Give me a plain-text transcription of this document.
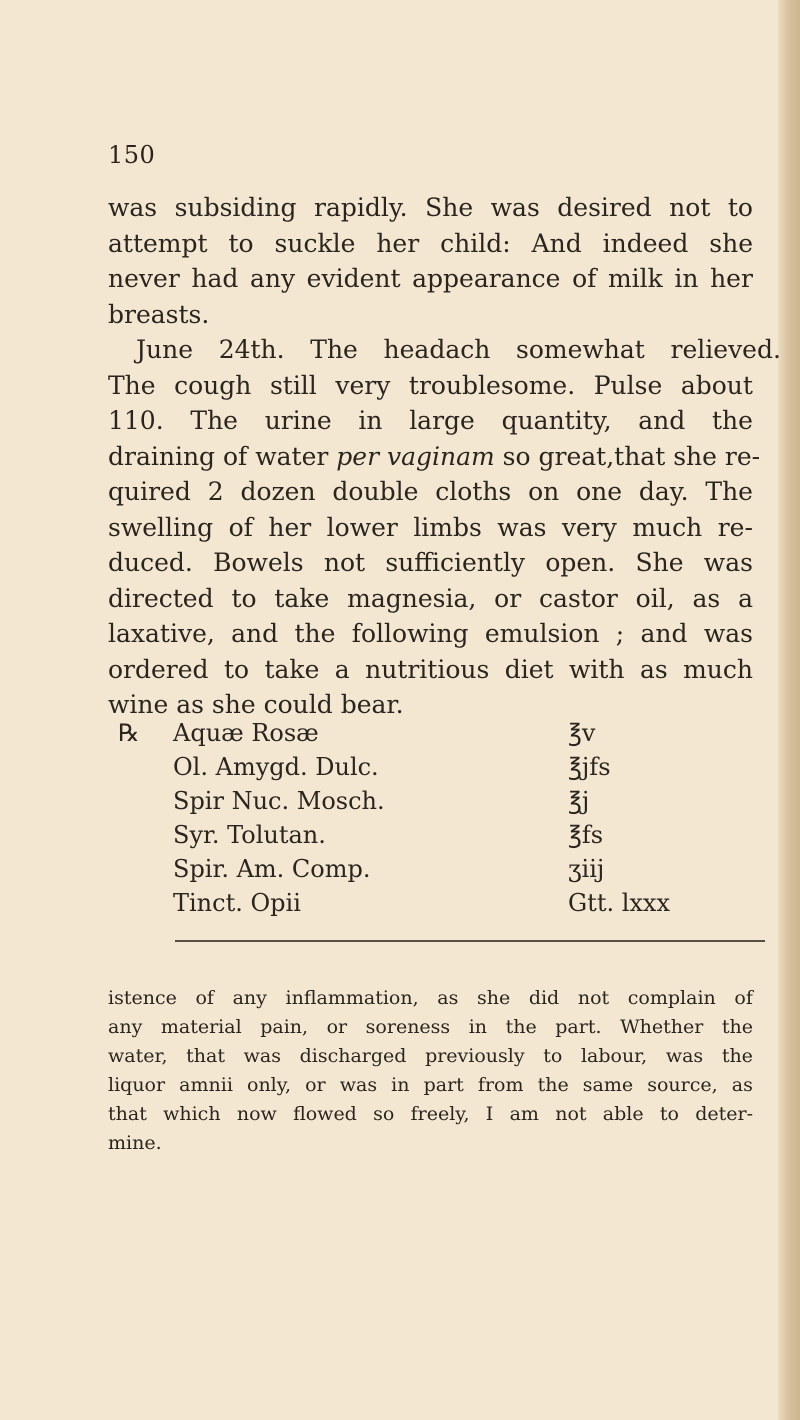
150
was subsiding rapidly. She was desired not to
attempt to suckle her child: And indeed she
never had any evident appearance of milk in her
breasts.
June 24th. The headach somewhat relieved.
The cough still very troublesome. Pulse about
110. The urine in large quantity, and the
draining of water per vaginam so great,that she re-
quired 2 dozen double cloths on one day. The
swelling of her lower limbs was very much re-
duced. Bowels not sufficiently open. She was
directed to take magnesia, or castor oil, as a
laxative, and the following emulsion ; and was
ordered to take a nutritious diet with as much
wine as she could bear.
℞ Aquæ Rosæ	℥v
Ol. Amygd. Dulc.	℥jfs
Spir Nuc. Mosch.	℥j
Syr. Tolutan.	℥fs
Spir. Am. Comp.	ʒiij
Tinct. Opii	Gtt. lxxx
istence of any inflammation, as she did not complain of
any material pain, or soreness in the part. Whether the
water, that was discharged previously to labour, was the
liquor amnii only, or was in part from the same source, as
that which now flowed so freely, I am not able to deter-
mine.
